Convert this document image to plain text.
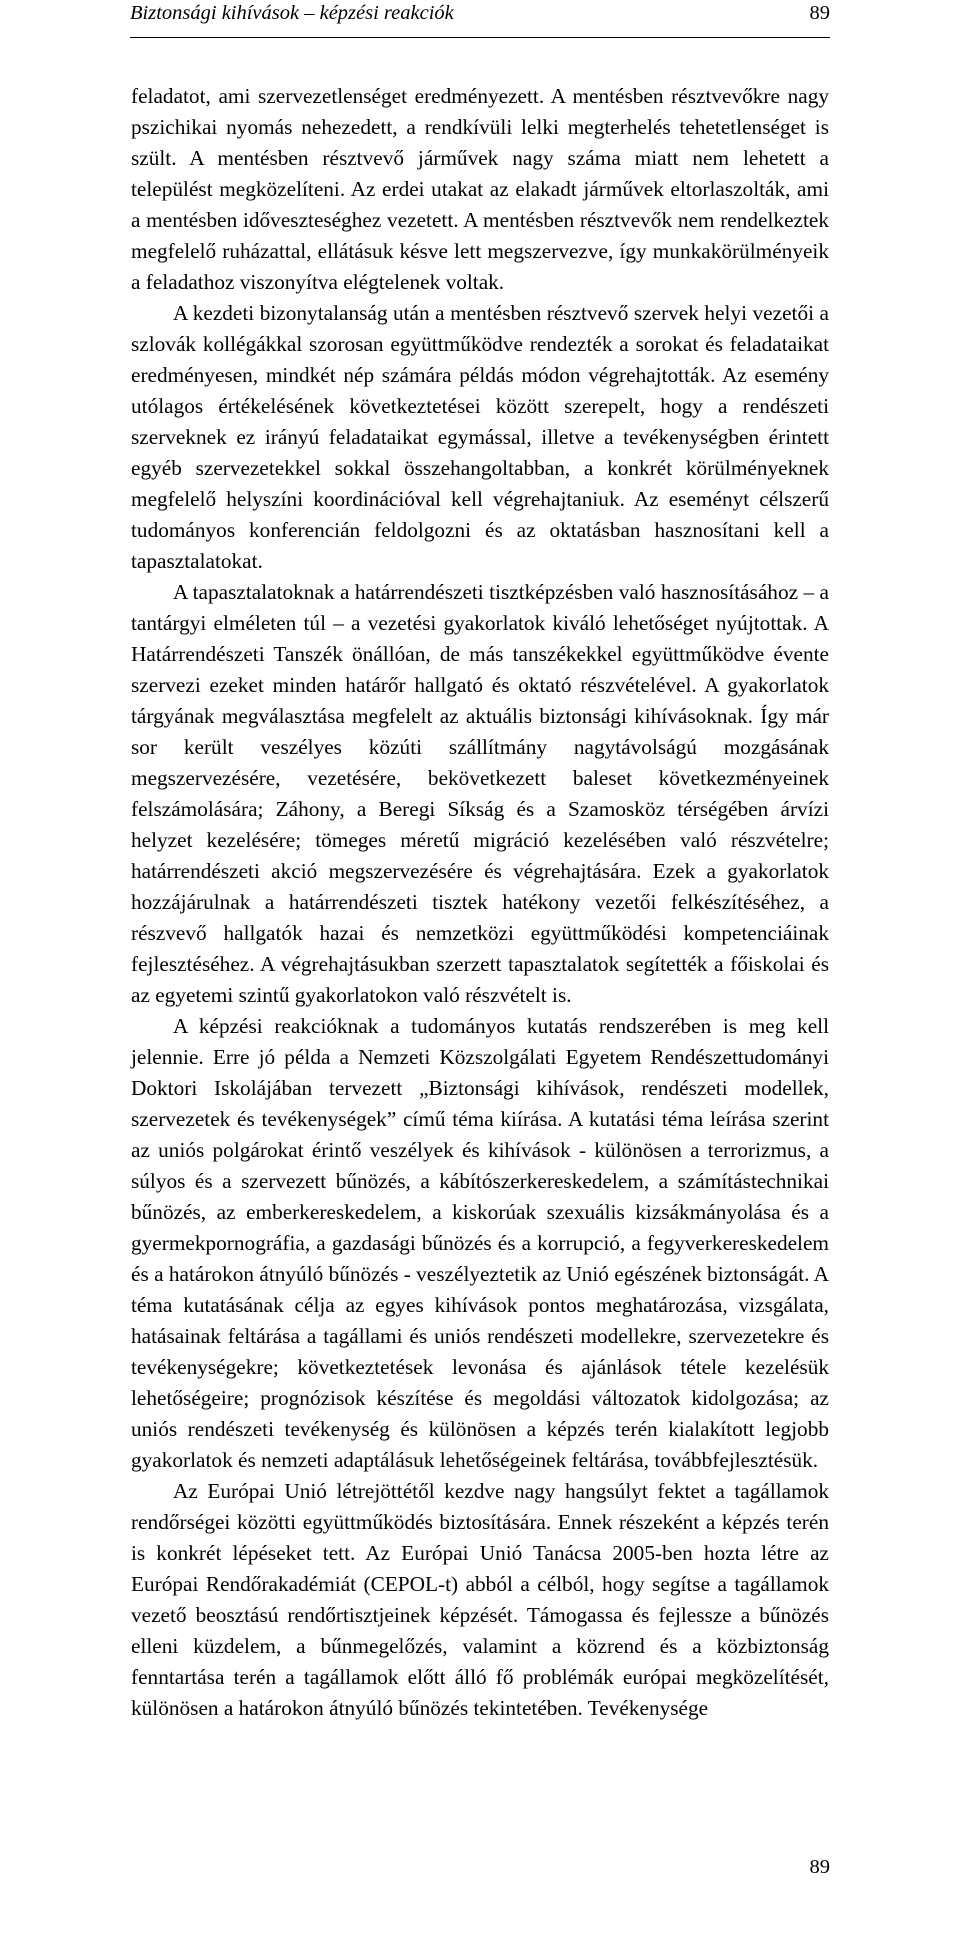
Biztonsági kihívások – képzési reakciók	89

feladatot, ami szervezetlenséget eredményezett. A mentésben résztvevőkre nagy pszichikai nyomás nehezedett, a rendkívüli lelki megterhelés tehetetlenséget is szült. A mentésben résztvevő járművek nagy száma miatt nem lehetett a települést megközelíteni. Az erdei utakat az elakadt járművek eltorlaszolták, ami a mentésben időveszteséghez vezetett. A mentésben résztvevők nem rendelkeztek megfelelő ruházattal, ellátásuk késve lett megszervezve, így munkakörülményeik a feladathoz viszonyítva elégtelenek voltak.

A kezdeti bizonytalanság után a mentésben résztvevő szervek helyi vezetői a szlovák kollégákkal szorosan együttműködve rendezték a sorokat és feladataikat eredményesen, mindkét nép számára példás módon végrehajtották. Az esemény utólagos értékelésének következtetései között szerepelt, hogy a rendészeti szerveknek ez irányú feladataikat egymással, illetve a tevékenységben érintett egyéb szervezetekkel sokkal összehangoltabban, a konkrét körülményeknek megfelelő helyszíni koordinációval kell végrehajtaniuk. Az eseményt célszerű tudományos konferencián feldolgozni és az oktatásban hasznosítani kell a tapasztalatokat.

A tapasztalatoknak a határrendészeti tisztképzésben való hasznosításához – a tantárgyi elméleten túl – a vezetési gyakorlatok kiváló lehetőséget nyújtottak. A Határrendészeti Tanszék önállóan, de más tanszékekkel együttműködve évente szervezi ezeket minden határőr hallgató és oktató részvételével. A gyakorlatok tárgyának megválasztása megfelelt az aktuális biztonsági kihívásoknak. Így már sor került veszélyes közúti szállítmány nagytávolságú mozgásának megszervezésére, vezetésére, bekövetkezett baleset következményeinek felszámolására; Záhony, a Beregi Síkság és a Szamosköz térségében árvízi helyzet kezelésére; tömeges méretű migráció kezelésében való részvételre; határrendészeti akció megszervezésére és végrehajtására. Ezek a gyakorlatok hozzájárulnak a határrendészeti tisztek hatékony vezetői felkészítéséhez, a részvevő hallgatók hazai és nemzetközi együttműködési kompetenciáinak fejlesztéséhez. A végrehajtásukban szerzett tapasztalatok segítették a főiskolai és az egyetemi szintű gyakorlatokon való részvételt is.

A képzési reakcióknak a tudományos kutatás rendszerében is meg kell jelennie. Erre jó példa a Nemzeti Közszolgálati Egyetem Rendészettudományi Doktori Iskolájában tervezett „Biztonsági kihívások, rendészeti modellek, szervezetek és tevékenységek” című téma kiírása. A kutatási téma leírása szerint az uniós polgárokat érintő veszélyek és kihívások - különösen a terrorizmus, a súlyos és a szervezett bűnözés, a kábítószerkereskedelem, a számítástechnikai bűnözés, az emberkereskedelem, a kiskorúak szexuális kizsákmányolása és a gyermekpornográfia, a gazdasági bűnözés és a korrupció, a fegyverkereskedelem és a határokon átnyúló bűnözés - veszélyeztetik az Unió egészének biztonságát. A téma kutatásának célja az egyes kihívások pontos meghatározása, vizsgálata, hatásainak feltárása a tagállami és uniós rendészeti modellekre, szervezetekre és tevékenységekre; következtetések levonása és ajánlások tétele kezelésük lehetőségeire; prognózisok készítése és megoldási változatok kidolgozása; az uniós rendészeti tevékenység és különösen a képzés terén kialakított legjobb gyakorlatok és nemzeti adaptálásuk lehetőségeinek feltárása, továbbfejlesztésük.

Az Európai Unió létrejöttétől kezdve nagy hangsúlyt fektet a tagállamok rendőrségei közötti együttműködés biztosítására. Ennek részeként a képzés terén is konkrét lépéseket tett. Az Európai Unió Tanácsa 2005-ben hozta létre az Európai Rendőrakadémiát (CEPOL-t) abból a célból, hogy segítse a tagállamok vezető beosztású rendőrtisztjeinek képzését. Támogassa és fejlessze a bűnözés elleni küzdelem, a bűnmegelőzés, valamint a közrend és a közbiztonság fenntartása terén a tagállamok előtt álló fő problémák európai megközelítését, különösen a határokon átnyúló bűnözés tekintetében. Tevékenysége

89
